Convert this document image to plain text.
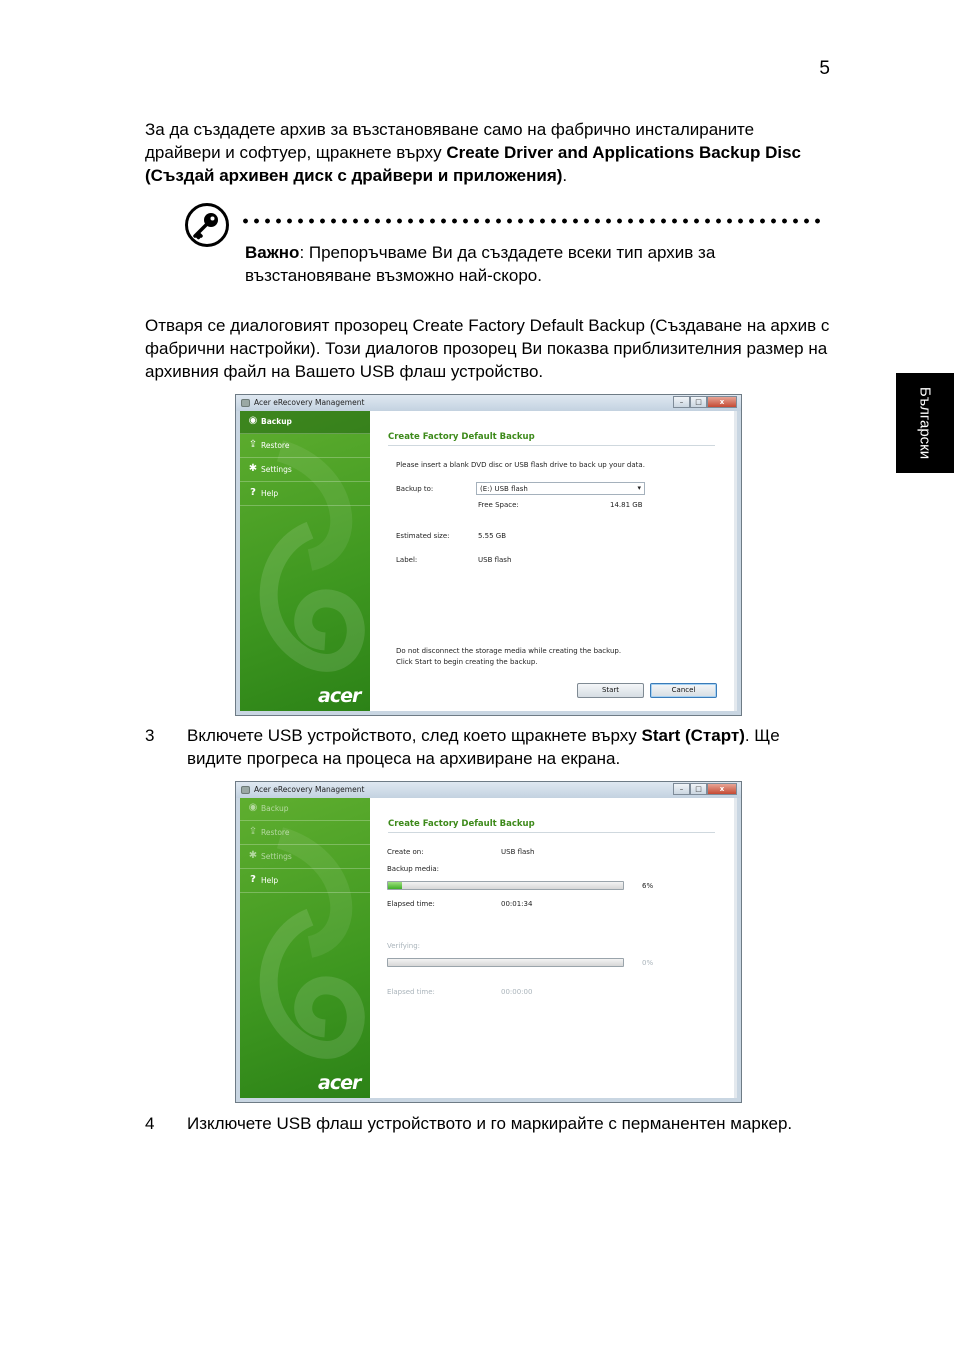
5
Български

За да създадете архив за възстановяване само на фабрично инсталираните драйвери и софтуер, щракнете върху Create Driver and Applications Backup Disc (Създай архивен диск с драйвери и приложения).

Важно: Препоръчваме Ви да създадете всеки тип архив за възстановяване възможно най-скоро.

Отваря се диалоговият прозорец Create Factory Default Backup (Създаване на архив с фабрични настройки). Този диалогов прозорец Ви показва приблизителния размер на архивния файл на Вашето USB флаш устройство.

Acer eRecovery Management	–	□	x
◉ Backup
⇪ Restore
✱ Settings
? Help
acer
Create Factory Default Backup
Please insert a blank DVD disc or USB flash drive to back up your data.
Backup to:	(E:) USB flash	▾
Free Space:	14.81 GB
Estimated size:	5.55 GB
Label:	USB flash
Do not disconnect the storage media while creating the backup.
Click Start to begin creating the backup.
Start	Cancel

3	Включете USB устройството, след което щракнете върху Start (Старт). Ще видите прогреса на процеса на архивиране на екрана.

Acer eRecovery Management	–	□	x
◉ Backup
⇪ Restore
✱ Settings
? Help
acer
Create Factory Default Backup
Create on:	USB flash
Backup media:
6%
Elapsed time:	00:01:34
Verifying:
0%
Elapsed time:	00:00:00

4	Изключете USB флаш устройството и го маркирайте с перманентен маркер.
